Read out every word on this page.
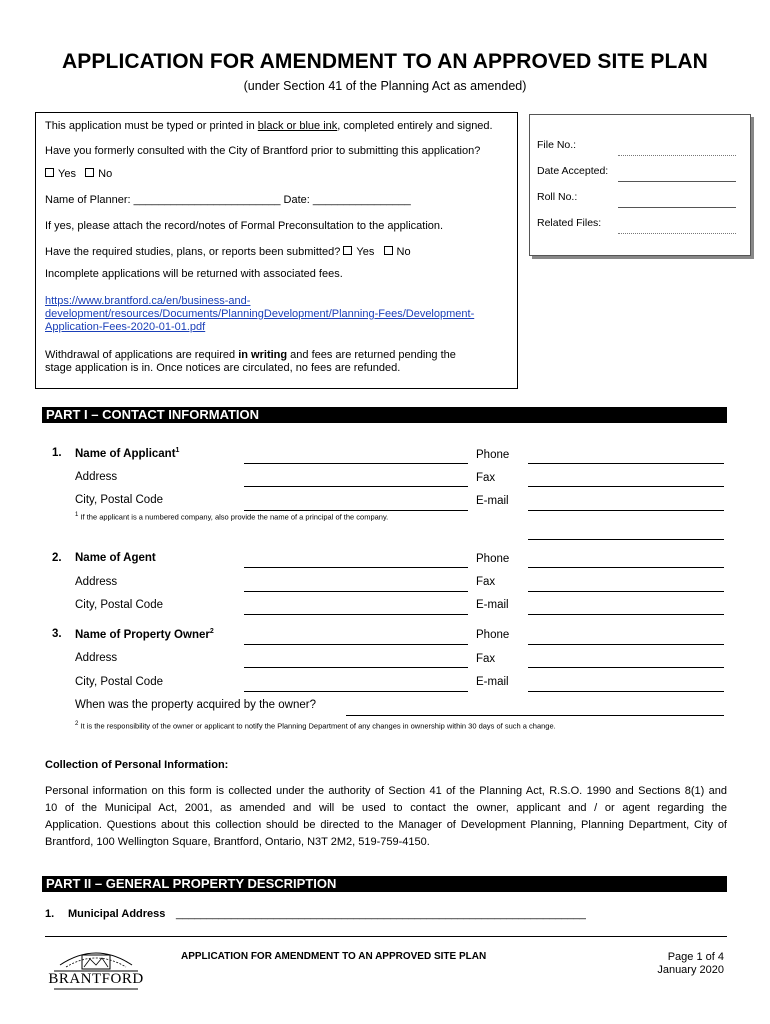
APPLICATION FOR AMENDMENT TO AN APPROVED SITE PLAN
(under Section 41 of the Planning Act as amended)
This application must be typed or printed in black or blue ink, completed entirely and signed.
Have you formerly consulted with the City of Brantford prior to submitting this application?
Yes No
Name of Planner: ________________________ Date: ________________
If yes, please attach the record/notes of Formal Preconsultation to the application.
Have the required studies, plans, or reports been submitted? Yes No
Incomplete applications will be returned with associated fees.
https://www.brantford.ca/en/business-and-
development/resources/Documents/PlanningDevelopment/Planning-Fees/Development-
Application-Fees-2020-01-01.pdf
Withdrawal of applications are required in writing and fees are returned pending the
stage application is in. Once notices are circulated, no fees are refunded.
File No.:
Date Accepted:
Roll No.:
Related Files:
PART I – CONTACT INFORMATION
1. Name of Applicant$^1$	Phone
Address	Fax
City, Postal Code	E-mail
$^1$ If the applicant is a numbered company, also provide the name of a principal of the company.
2. Name of Agent	Phone
Address	Fax
City, Postal Code	E-mail
3. Name of Property Owner$^2$	Phone
Address	Fax
City, Postal Code	E-mail
When was the property acquired by the owner?
$^2$ It is the responsibility of the owner or applicant to notify the Planning Department of any changes in ownership within 30 days of such a change.
Collection of Personal Information:
Personal information on this form is collected under the authority of Section 41 of the Planning Act, R.S.O. 1990 and Sections 8(1) and
10 of the Municipal Act, 2001, as amended and will be used to contact the owner, applicant and / or agent regarding the
Application. Questions about this collection should be directed to the Manager of Development Planning, Planning Department, City of
Brantford, 100 Wellington Square, Brantford, Ontario, N3T 2M2, 519-759-4150.
PART II – GENERAL PROPERTY DESCRIPTION
1. Municipal Address ___________________________________________________________________
BRANTFORD
APPLICATION FOR AMENDMENT TO AN APPROVED SITE PLAN	Page 1 of 4
January 2020
